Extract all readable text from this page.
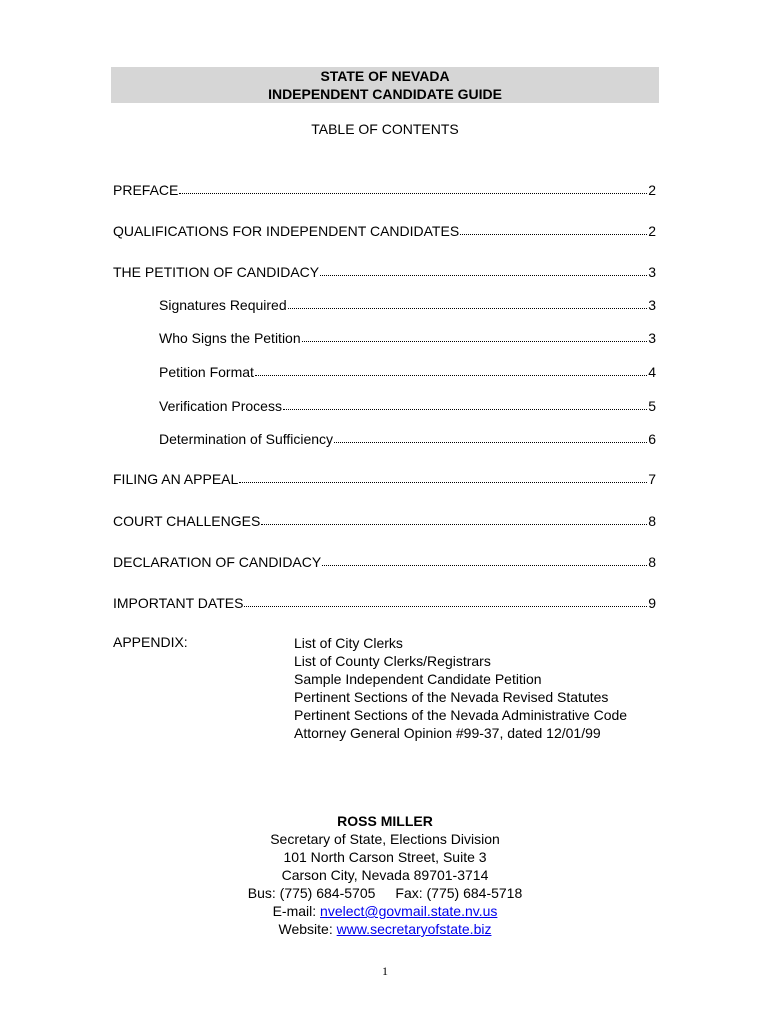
STATE OF NEVADA
INDEPENDENT CANDIDATE GUIDE
TABLE OF CONTENTS
PREFACE	2
QUALIFICATIONS FOR INDEPENDENT CANDIDATES	2
THE PETITION OF CANDIDACY	3
Signatures Required	3
Who Signs the Petition	3
Petition Format	4
Verification Process	5
Determination of Sufficiency	6
FILING AN APPEAL	7
COURT CHALLENGES	8
DECLARATION OF CANDIDACY	8
IMPORTANT DATES	9
APPENDIX:	List of City Clerks
List of County Clerks/Registrars
Sample Independent Candidate Petition
Pertinent Sections of the Nevada Revised Statutes
Pertinent Sections of the Nevada Administrative Code
Attorney General Opinion #99-37, dated 12/01/99
ROSS MILLER
Secretary of State, Elections Division
101 North Carson Street, Suite 3
Carson City, Nevada 89701-3714
Bus: (775) 684-5705 Fax: (775) 684-5718
E-mail: nvelect@govmail.state.nv.us
Website: www.secretaryofstate.biz
1
